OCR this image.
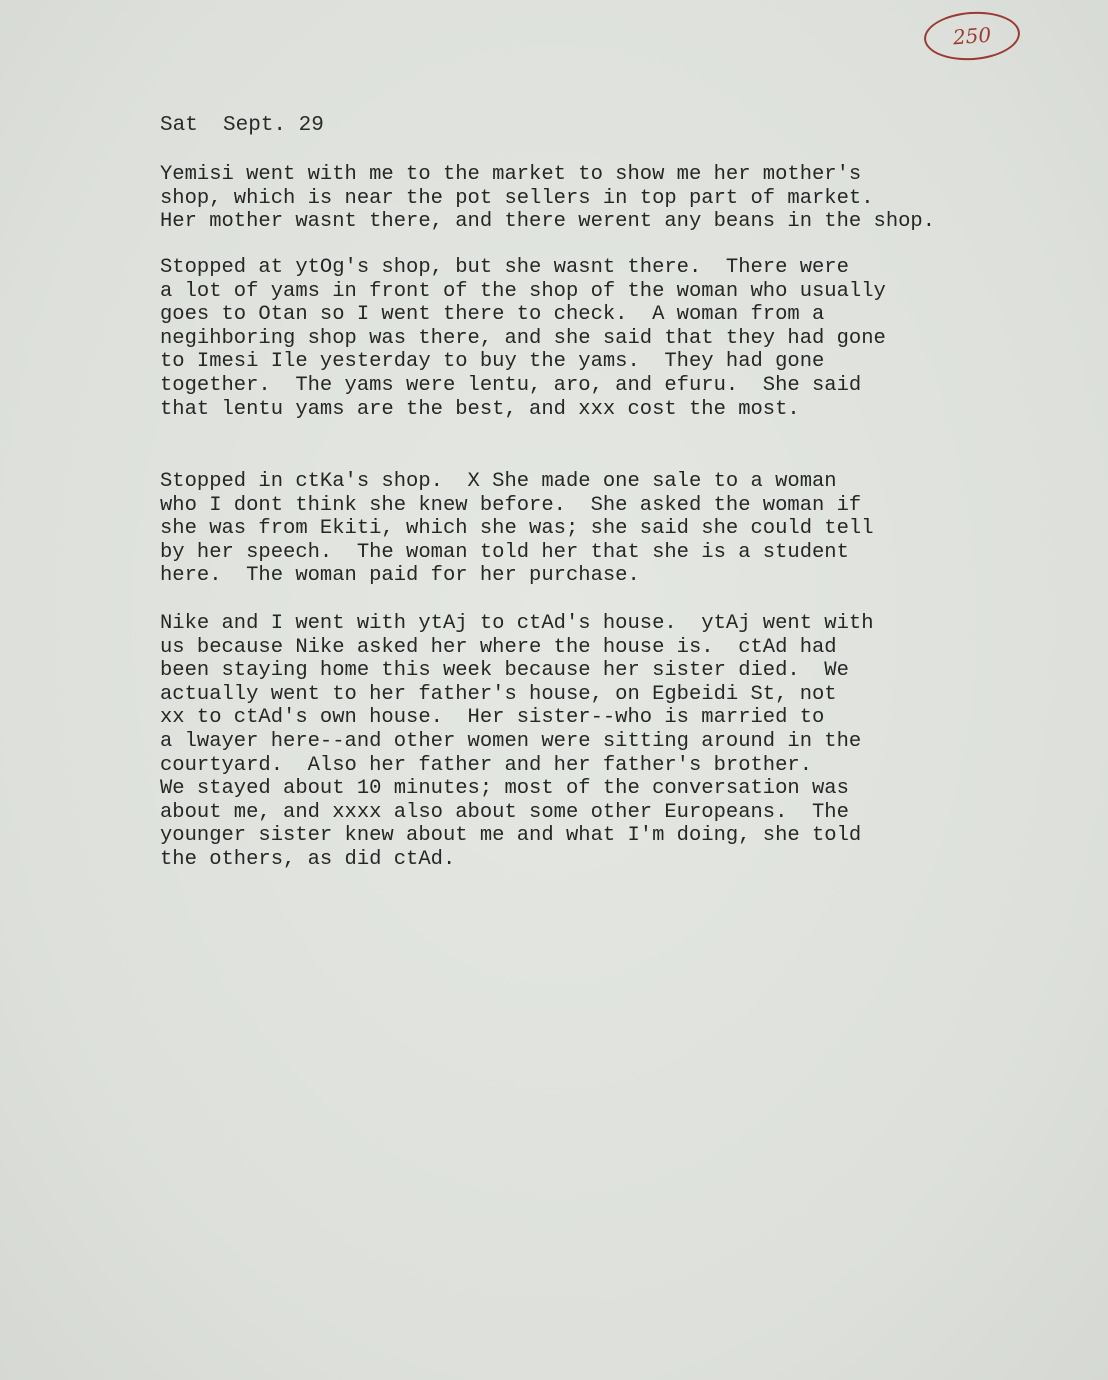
250
Sat  Sept. 29
Yemisi went with me to the market to show me her mother's
shop, which is near the pot sellers in top part of market.
Her mother wasnt there, and there werent any beans in the shop.
Stopped at ytOg's shop, but she wasnt there.  There were
a lot of yams in front of the shop of the woman who usually
goes to Otan so I went there to check.  A woman from a
negihboring shop was there, and she said that they had gone
to Imesi Ile yesterday to buy the yams.  They had gone
together.  The yams were lentu, aro, and efuru.  She said
that lentu yams are the best, and xxx cost the most.
Stopped in ctKa's shop.  X She made one sale to a woman
who I dont think she knew before.  She asked the woman if
she was from Ekiti, which she was; she said she could tell
by her speech.  The woman told her that she is a student
here.  The woman paid for her purchase.
Nike and I went with ytAj to ctAd's house.  ytAj went with
us because Nike asked her where the house is.  ctAd had
been staying home this week because her sister died.  We
actually went to her father's house, on Egbeidi St, not
xx to ctAd's own house.  Her sister--who is married to
a lwayer here--and other women were sitting around in the
courtyard.  Also her father and her father's brother.
We stayed about 10 minutes; most of the conversation was
about me, and xxxx also about some other Europeans.  The
younger sister knew about me and what I'm doing, she told
the others, as did ctAd.
